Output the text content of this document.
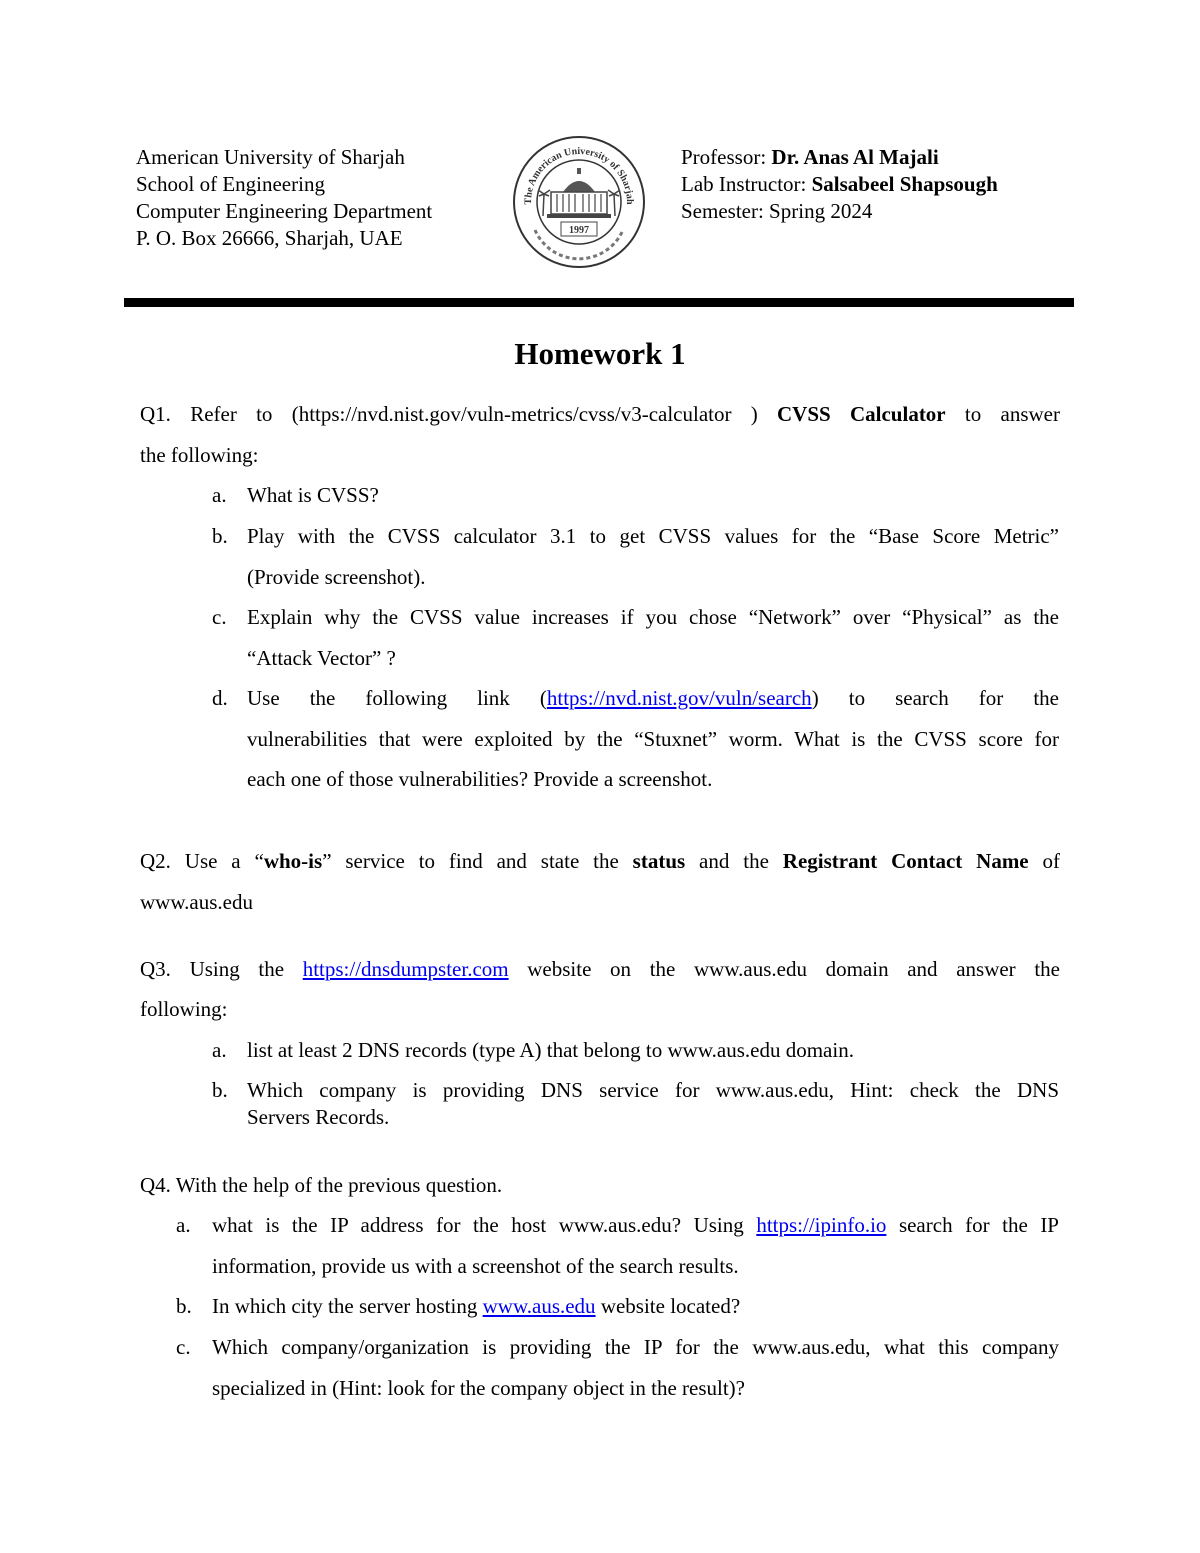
American University of Sharjah
School of Engineering
Computer Engineering Department
P. O. Box 26666, Sharjah, UAE
The American University of Sharjah
1997
Professor: Dr. Anas Al Majali
Lab Instructor: Salsabeel Shapsough
Semester: Spring 2024
Homework 1
Q1. Refer to (https://nvd.nist.gov/vuln-metrics/cvss/v3-calculator ) CVSS Calculator to answer
the following:
a. What is CVSS?
b. Play with the CVSS calculator 3.1 to get CVSS values for the “Base Score Metric”
(Provide screenshot).
c. Explain why the CVSS value increases if you chose “Network” over “Physical” as the
“Attack Vector” ?
d. Use the following link (https://nvd.nist.gov/vuln/search) to search for the
vulnerabilities that were exploited by the “Stuxnet” worm. What is the CVSS score for
each one of those vulnerabilities? Provide a screenshot.
Q2. Use a “who-is” service to find and state the status and the Registrant Contact Name of
www.aus.edu
Q3. Using the https://dnsdumpster.com website on the www.aus.edu domain and answer the
following:
a. list at least 2 DNS records (type A) that belong to www.aus.edu domain.
b. Which company is providing DNS service for www.aus.edu, Hint: check the DNS
Servers Records.
Q4. With the help of the previous question.
a. what is the IP address for the host www.aus.edu? Using https://ipinfo.io search for the IP
information, provide us with a screenshot of the search results.
b. In which city the server hosting www.aus.edu website located?
c. Which company/organization is providing the IP for the www.aus.edu, what this company
specialized in (Hint: look for the company object in the result)?
